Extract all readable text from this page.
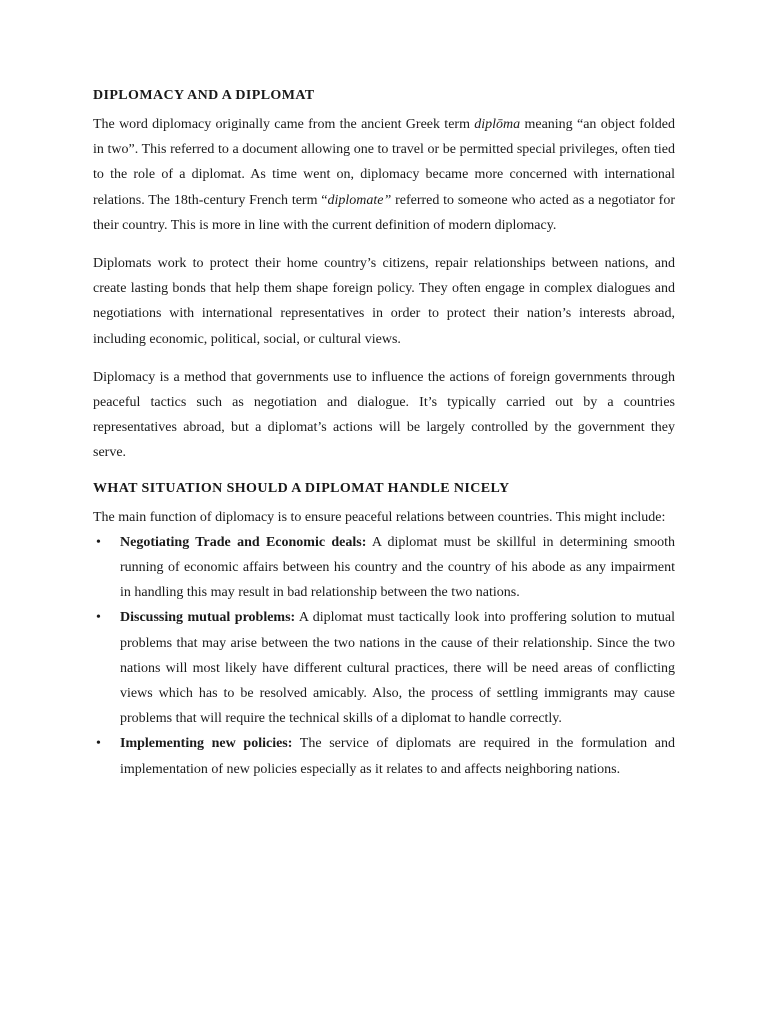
DIPLOMACY AND A DIPLOMAT

The word diplomacy originally came from the ancient Greek term diplōma meaning “an object folded in two”. This referred to a document allowing one to travel or be permitted special privileges, often tied to the role of a diplomat. As time went on, diplomacy became more concerned with international relations. The 18th-century French term “diplomate” referred to someone who acted as a negotiator for their country. This is more in line with the current definition of modern diplomacy.

Diplomats work to protect their home country’s citizens, repair relationships between nations, and create lasting bonds that help them shape foreign policy. They often engage in complex dialogues and negotiations with international representatives in order to protect their nation’s interests abroad, including economic, political, social, or cultural views.

Diplomacy is a method that governments use to influence the actions of foreign governments through peaceful tactics such as negotiation and dialogue. It’s typically carried out by a countries representatives abroad, but a diplomat’s actions will be largely controlled by the government they serve.

WHAT SITUATION SHOULD A DIPLOMAT HANDLE NICELY

The main function of diplomacy is to ensure peaceful relations between countries. This might include:

• Negotiating Trade and Economic deals: A diplomat must be skillful in determining smooth running of economic affairs between his country and the country of his abode as any impairment in handling this may result in bad relationship between the two nations.

• Discussing mutual problems: A diplomat must tactically look into proffering solution to mutual problems that may arise between the two nations in the cause of their relationship. Since the two nations will most likely have different cultural practices, there will be need areas of conflicting views which has to be resolved amicably. Also, the process of settling immigrants may cause problems that will require the technical skills of a diplomat to handle correctly.

• Implementing new policies: The service of diplomats are required in the formulation and implementation of new policies especially as it relates to and affects neighboring nations.
